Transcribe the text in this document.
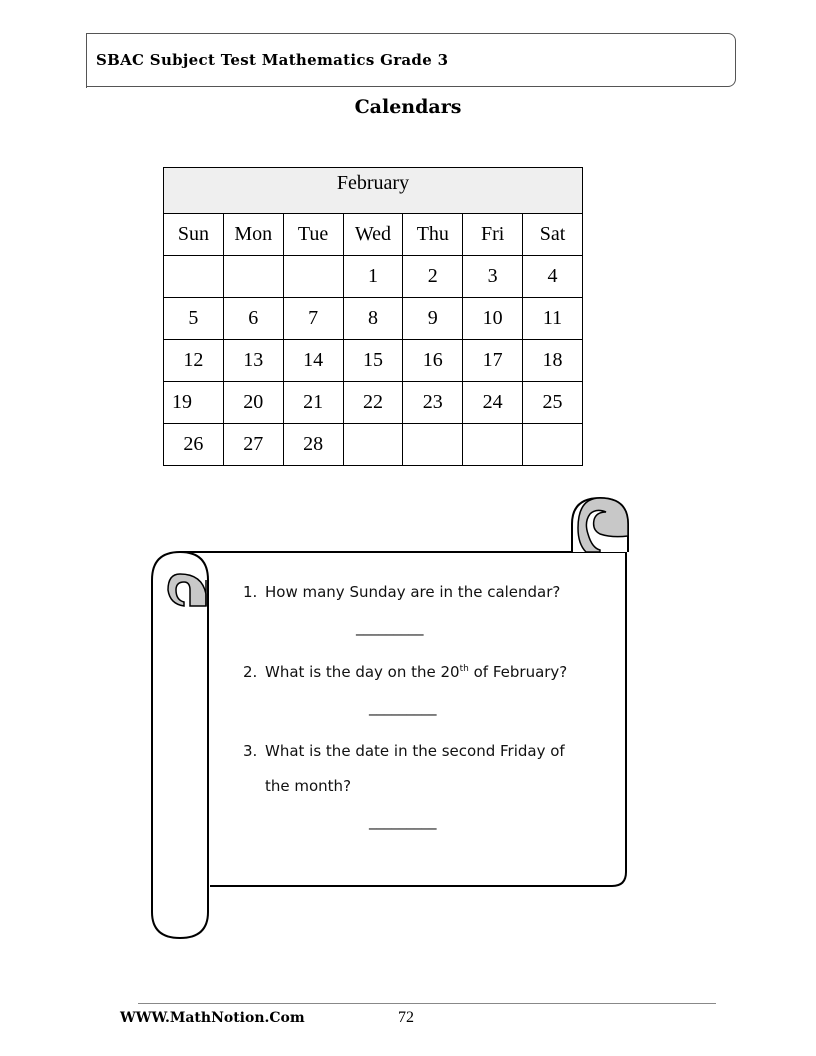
SBAC Subject Test Mathematics Grade 3
Calendars
February						
Sun	Mon	Tue	Wed	Thu	Fri	Sat
			1	2	3	4
5	6	7	8	9	10	11
12	13	14	15	16	17	18
19	20	21	22	23	24	25
26	27	28				
1. How many Sunday are in the calendar?
_________
2. What is the day on the 20th of February?
_________
3. What is the date in the second Friday of
the month?
_________
WWW.MathNotion.Com	72
